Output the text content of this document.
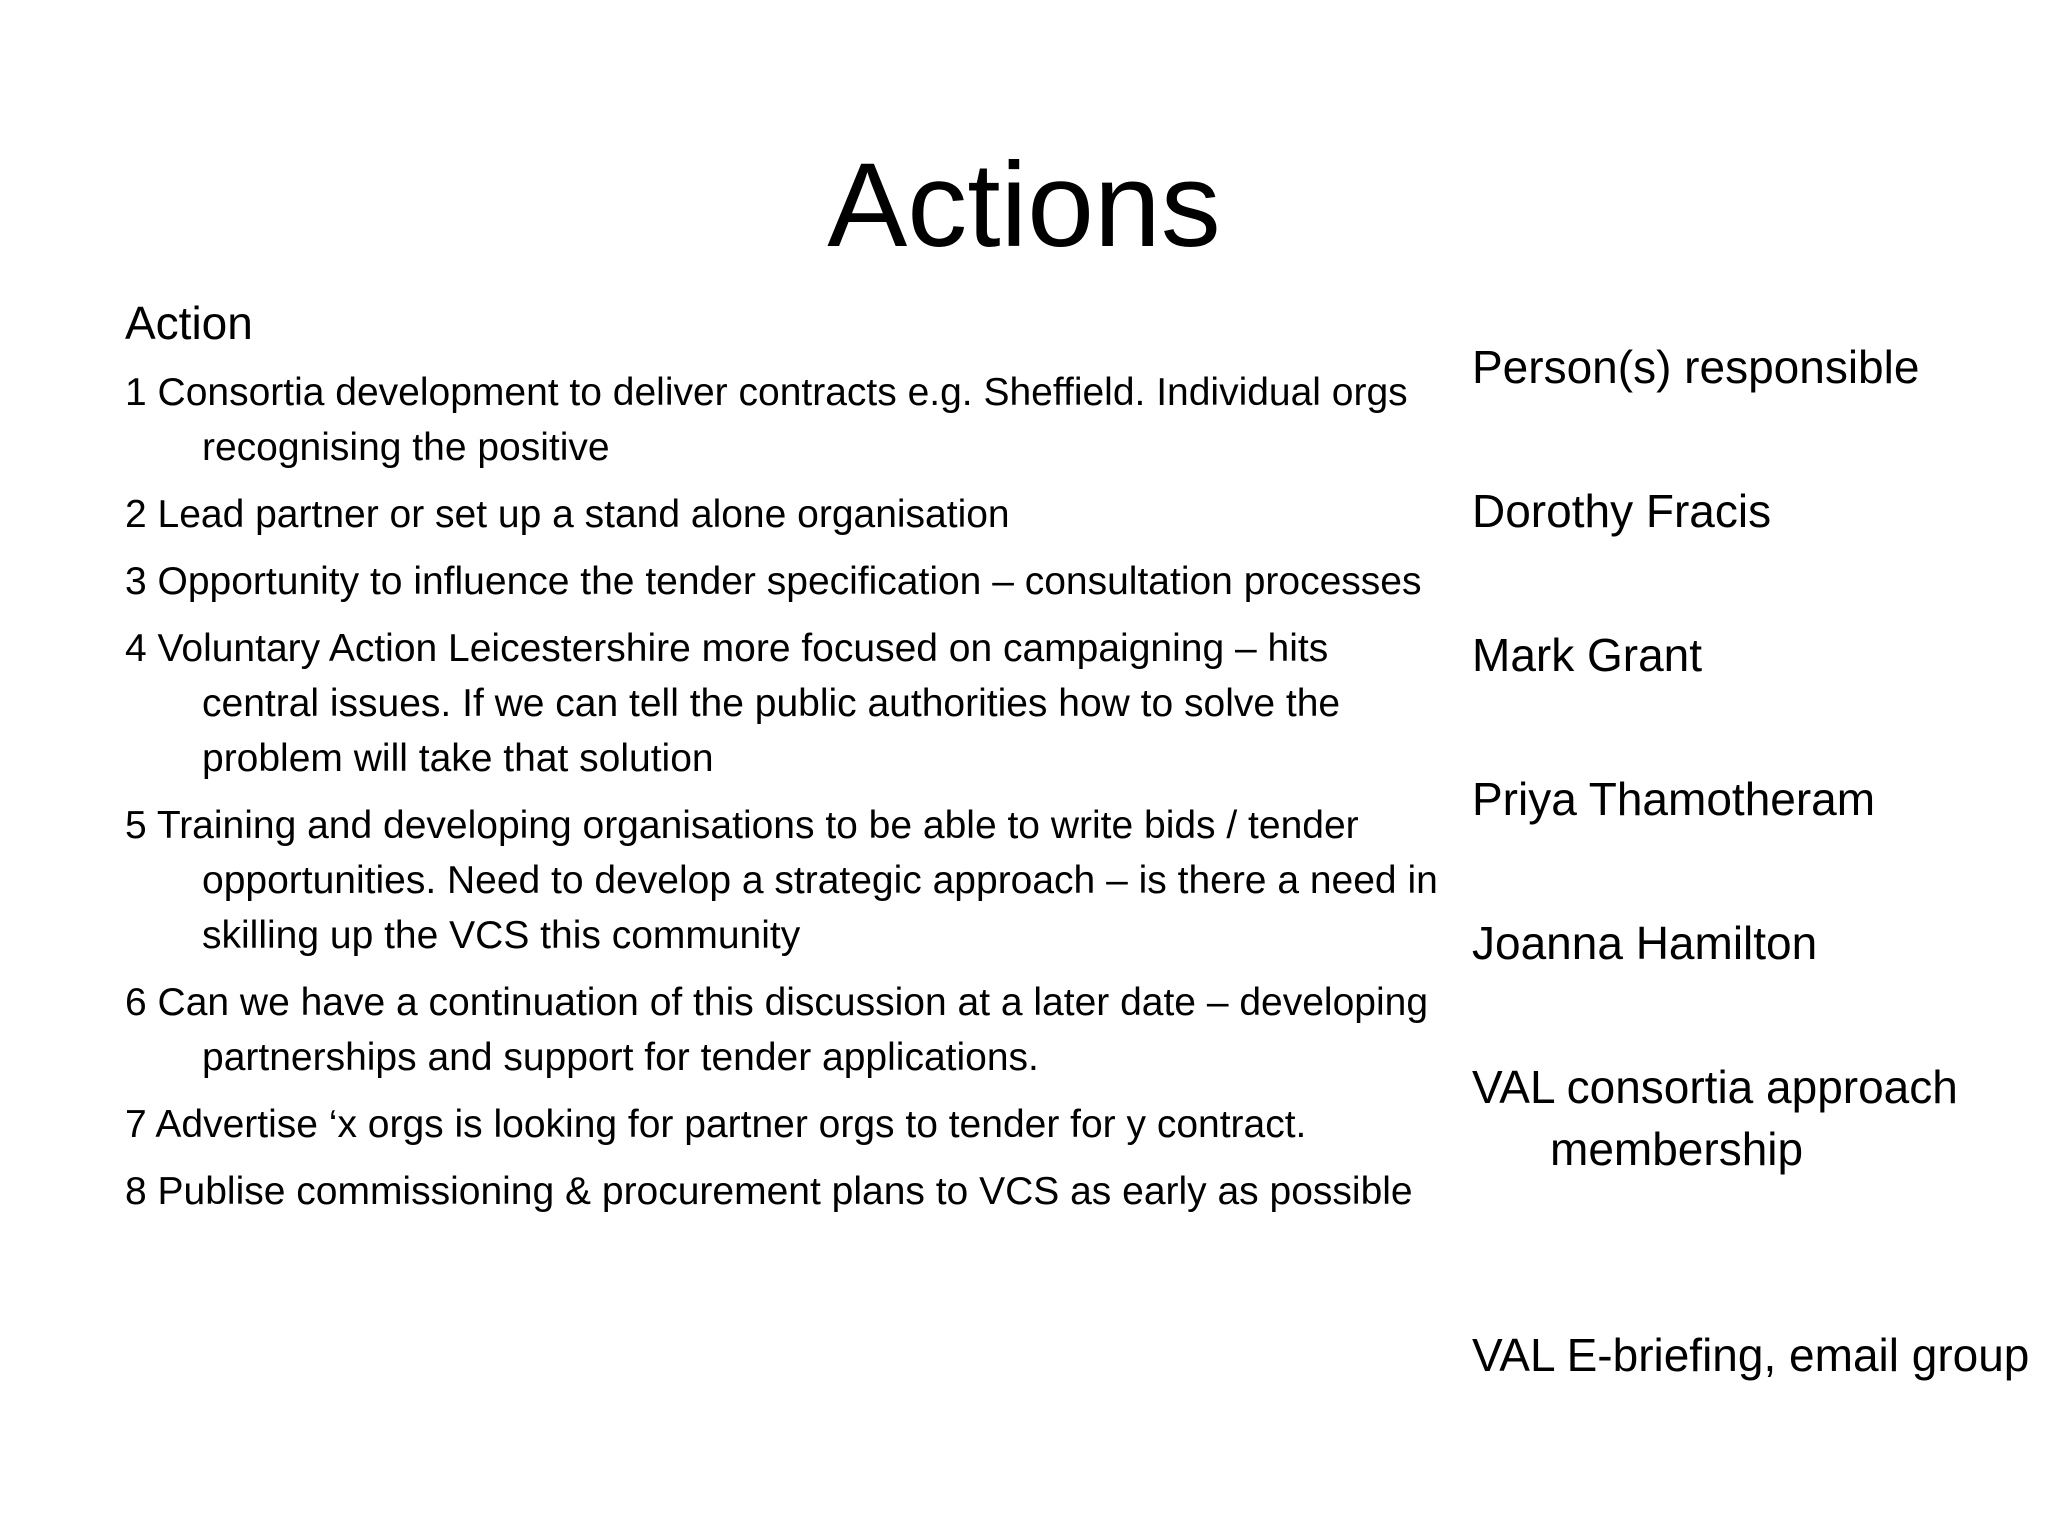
Actions
Action
1 Consortia development to deliver contracts e.g. Sheffield. Individual orgs recognising the positive
2 Lead partner or set up a stand alone organisation
3 Opportunity to influence the tender specification – consultation processes
4 Voluntary Action Leicestershire more focused on campaigning – hits central issues. If we can tell the public authorities how to solve the problem will take that solution
5 Training and developing organisations to be able to write bids / tender opportunities. Need to develop a strategic approach – is there a need in skilling up the VCS this community
6 Can we have a continuation of this discussion at a later date – developing partnerships and support for tender applications.
7 Advertise ‘x orgs is looking for partner orgs to tender for y contract.
8 Publise commissioning & procurement plans to VCS as early as possible
Person(s) responsible
Dorothy Fracis
Mark Grant
Priya Thamotheram
Joanna Hamilton
VAL consortia approach membership
VAL E-briefing, email group
